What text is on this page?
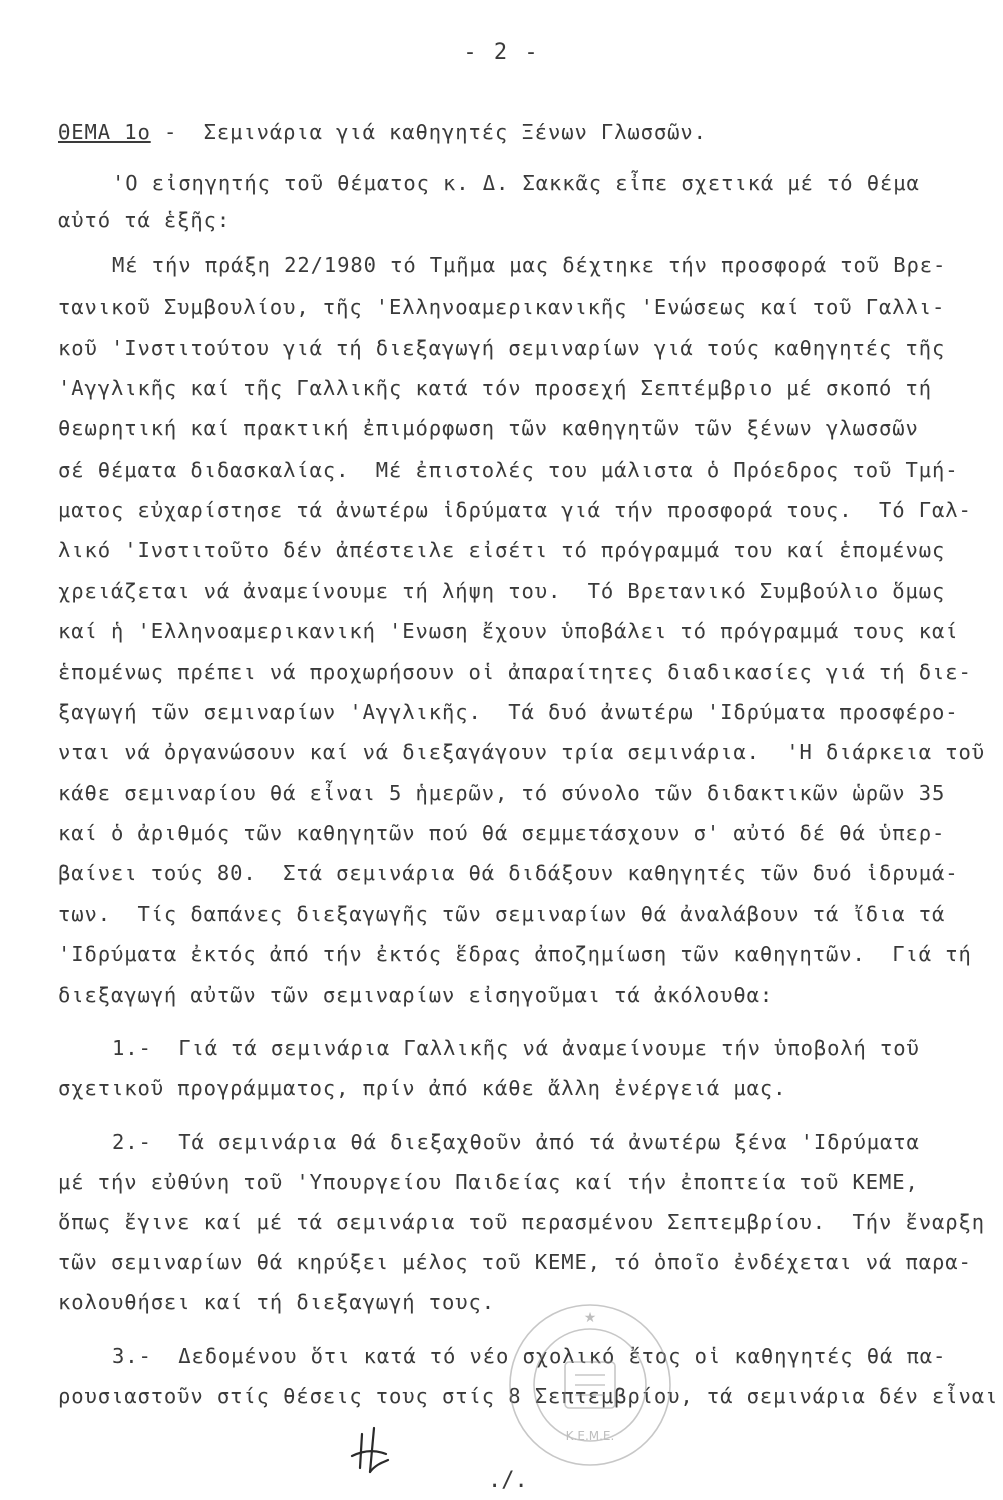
- 2 -
ΘΕΜΑ 1ο -  Σεμινάρια γιά καθηγητές Ξένων Γλωσσῶν.
'Ο εἰσηγητής τοῦ θέματος κ. Δ. Σακκᾶς εἶπε σχετικά μέ τό θέμα
αὐτό τά ἑξῆς:
Μέ τήν πράξη 22/1980 τό Τμῆμα μας δέχτηκε τήν προσφορά τοῦ Βρε-
τανικοῦ Συμβουλίου, τῆς 'Ελληνοαμερικανικῆς 'Ενώσεως καί τοῦ Γαλλι-
κοῦ 'Ινστιτούτου γιά τή διεξαγωγή σεμιναρίων γιά τούς καθηγητές τῆς
'Αγγλικῆς καί τῆς Γαλλικῆς κατά τόν προσεχή Σεπτέμβριο μέ σκοπό τή
θεωρητική καί πρακτική ἐπιμόρφωση τῶν καθηγητῶν τῶν ξένων γλωσσῶν
σέ θέματα διδασκαλίας.  Μέ ἐπιστολές του μάλιστα ὁ Πρόεδρος τοῦ Τμή-
ματος εὐχαρίστησε τά ἀνωτέρω ἱδρύματα γιά τήν προσφορά τους.  Τό Γαλ-
λικό 'Ινστιτοῦτο δέν ἀπέστειλε εἰσέτι τό πρόγραμμά του καί ἑπομένως
χρειάζεται νά ἀναμείνουμε τή λήψη του.  Τό Βρετανικό Συμβούλιο ὅμως
καί ἡ 'Ελληνοαμερικανική 'Ενωση ἔχουν ὑποβάλει τό πρόγραμμά τους καί
ἑπομένως πρέπει νά προχωρήσουν οἱ ἀπαραίτητες διαδικασίες γιά τή διε-
ξαγωγή τῶν σεμιναρίων 'Αγγλικῆς.  Τά δυό ἀνωτέρω 'Ιδρύματα προσφέρο-
νται νά ὀργανώσουν καί νά διεξαγάγουν τρία σεμινάρια.  'Η διάρκεια τοῦ
κάθε σεμιναρίου θά εἶναι 5 ἡμερῶν, τό σύνολο τῶν διδακτικῶν ὡρῶν 35
καί ὁ ἀριθμός τῶν καθηγητῶν πού θά σεμμετάσχουν σ' αὐτό δέ θά ὑπερ-
βαίνει τούς 80.  Στά σεμινάρια θά διδάξουν καθηγητές τῶν δυό ἱδρυμά-
των.  Τίς δαπάνες διεξαγωγῆς τῶν σεμιναρίων θά ἀναλάβουν τά ἴδια τά
'Ιδρύματα ἐκτός ἀπό τήν ἐκτός ἕδρας ἀποζημίωση τῶν καθηγητῶν.  Γιά τή
διεξαγωγή αὐτῶν τῶν σεμιναρίων εἰσηγοῦμαι τά ἀκόλουθα:
1.-  Γιά τά σεμινάρια Γαλλικῆς νά ἀναμείνουμε τήν ὑποβολή τοῦ
σχετικοῦ προγράμματος, πρίν ἀπό κάθε ἄλλη ἐνέργειά μας.
2.-  Τά σεμινάρια θά διεξαχθοῦν ἀπό τά ἀνωτέρω ξένα 'Ιδρύματα
μέ τήν εὐθύνη τοῦ 'Υπουργείου Παιδείας καί τήν ἐποπτεία τοῦ ΚΕΜΕ,
ὅπως ἔγινε καί μέ τά σεμινάρια τοῦ περασμένου Σεπτεμβρίου.  Τήν ἔναρξη
τῶν σεμιναρίων θά κηρύξει μέλος τοῦ ΚΕΜΕ, τό ὁποῖο ἐνδέχεται νά παρα-
κολουθήσει καί τή διεξαγωγή τους.
3.-  Δεδομένου ὅτι κατά τό νέο σχολικό ἔτος οἱ καθηγητές θά πα-
ρουσιαστοῦν στίς θέσεις τους στίς 8 Σεπτεμβρίου, τά σεμινάρια δέν εἶναι
Κ.Ε.Μ.Ε.
★
./.
